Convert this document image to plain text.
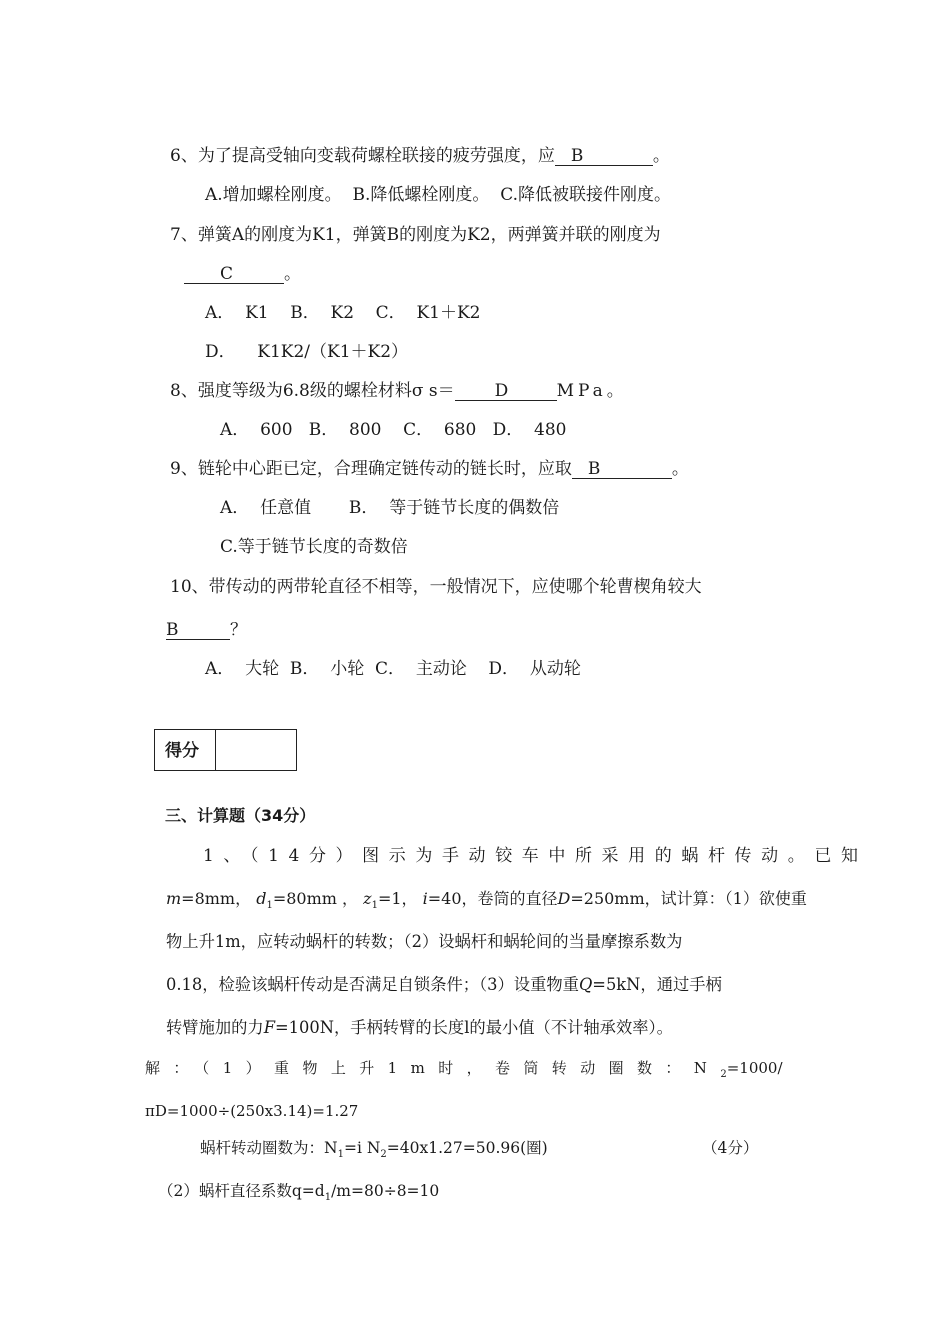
6、为了提高受轴向变载荷螺栓联接的疲劳强度，应 B	。
A.增加螺栓刚度。  B.降低螺栓刚度。  C.降低被联接件刚度。
7、弹簧A的刚度为K1，弹簧B的刚度为K2，两弹簧并联的刚度为
C	。
A．  K1    B．  K2    C．  K1＋K2
D．    K1K2/（K1＋K2）
8、强度等级为6.8级的螺栓材料σ s＝ D	MPa。
A．  600   B．  800    C．  680   D．  480
9、链轮中心距已定，合理确定链传动的链长时，应取 B	。
A．  任意值       B．  等于链节长度的偶数倍
C.等于链节长度的奇数倍
10、带传动的两带轮直径不相等，一般情况下，应使哪个轮曹楔角较大
B	？
A．  大轮  B．  小轮  C．  主动论    D．  从动轮
得分
三、计算题（34分）
1、（14分）图示为手动铰车中所采用的蜗杆传动。已知
m=8mm， $d_1=80mm$ ， $z_1=1$， i=40，卷筒的直径D=250mm，试计算：（1）欲使重
物上升1m，应转动蜗杆的转数；（2）设蜗杆和蜗轮间的当量摩擦系数为
0.18，检验该蜗杆传动是否满足自锁条件；（3）设重物重Q=5kN，通过手柄
转臂施加的力F=100N，手柄转臂的长度l的最小值（不计轴承效率）。
解：（1）重物上升1m时，卷筒转动圈数：$N_2=1000/$
πD=1000÷(250x3.14)=1.27
蜗杆转动圈数为：$N_1=i$ $N_2=40x1.27=50.96$(圈)	（4分）
（2）蜗杆直径系数$q=d_1/m=80\div 8=10$
